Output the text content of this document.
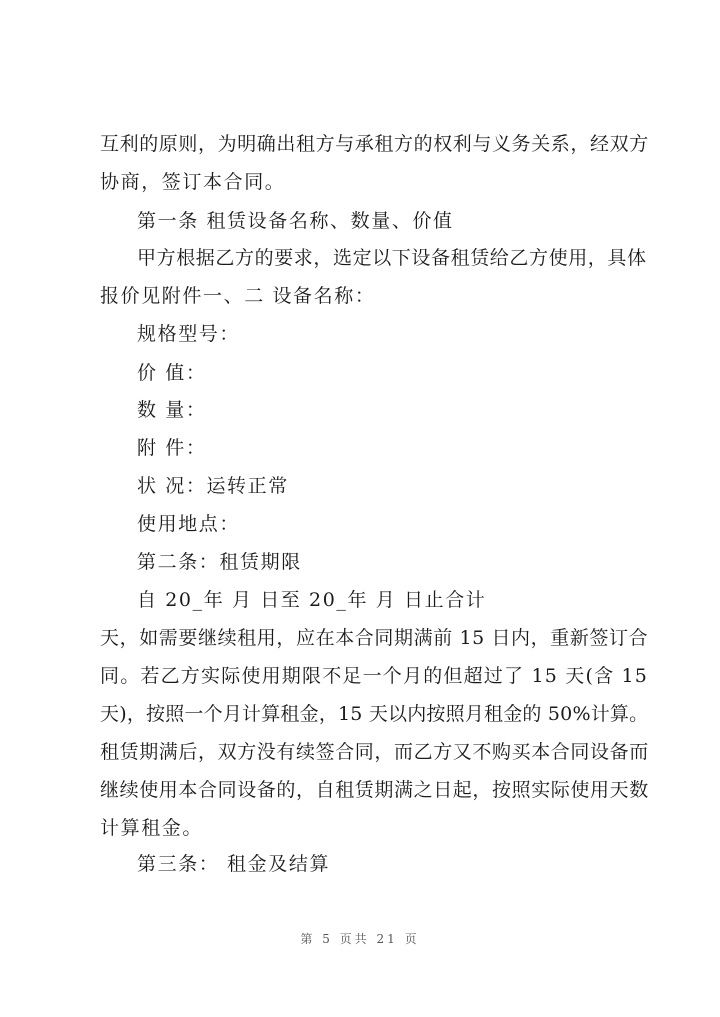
互利的原则，为明确出租方与承租方的权利与义务关系，经双方
协商，签订本合同。
第一条 租赁设备名称、数量、价值
甲方根据乙方的要求，选定以下设备租赁给乙方使用，具体
报价见附件一、二 设备名称：
规格型号：
价 值：
数 量：
附 件：
状 况：运转正常
使用地点：
第二条：租赁期限
自 20_年 月 日至 20_年 月 日止合计
天，如需要继续租用，应在本合同期满前 15 日内，重新签订合
同。若乙方实际使用期限不足一个月的但超过了 15 天(含 15
天)，按照一个月计算租金，15 天以内按照月租金的 50%计算。
租赁期满后，双方没有续签合同，而乙方又不购买本合同设备而
继续使用本合同设备的，自租赁期满之日起，按照实际使用天数
计算租金。
第三条： 租金及结算
第 5 页共 21 页
